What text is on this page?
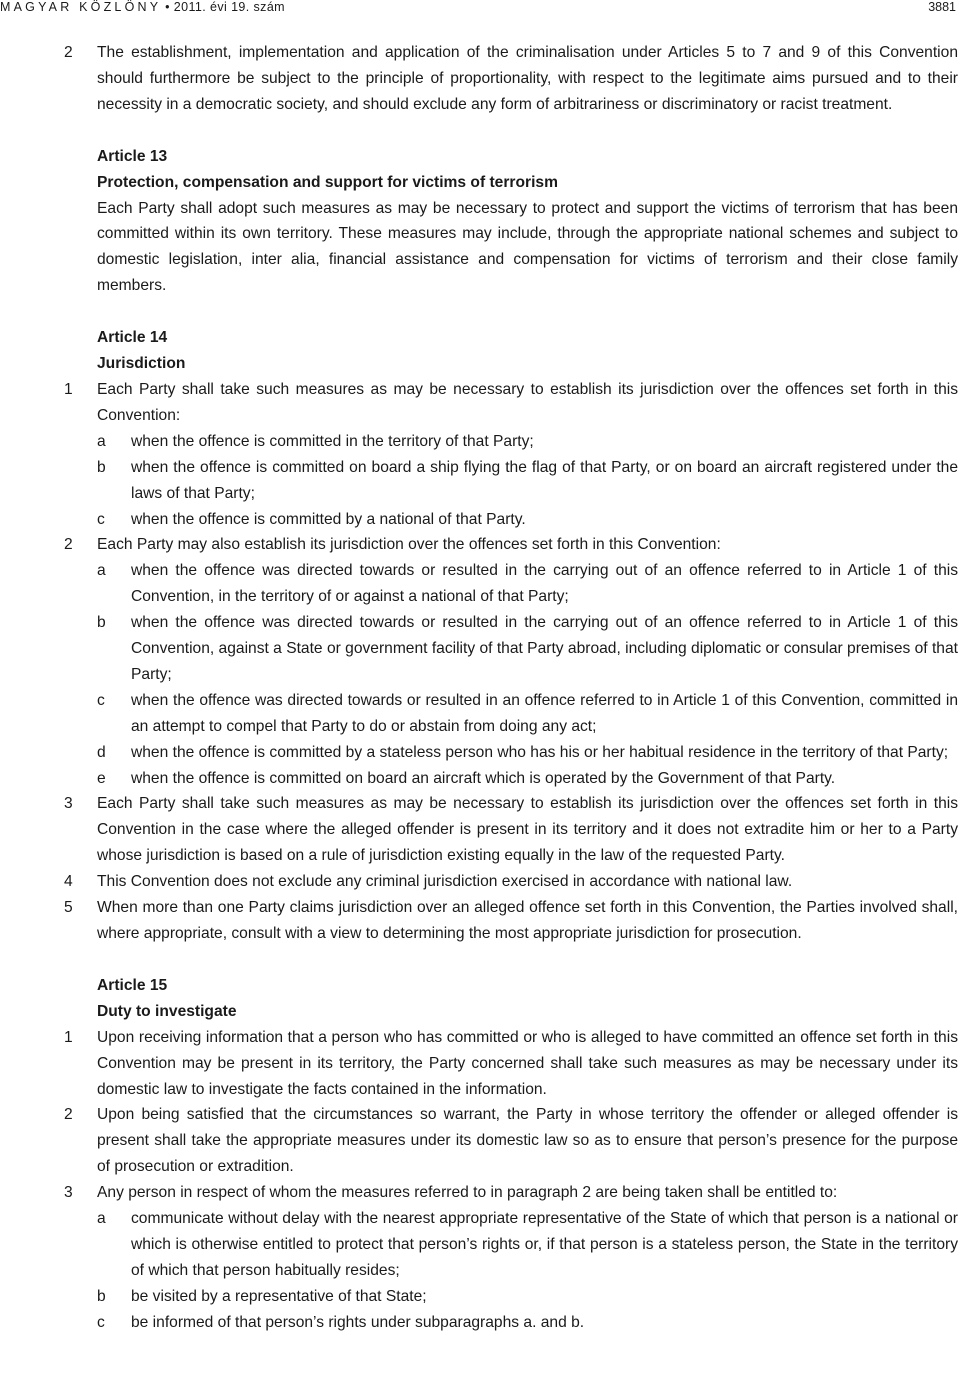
MAGYAR KÖZLÖNY • 2011. évi 19. szám	3881
2 The establishment, implementation and application of the criminalisation under Articles 5 to 7 and 9 of this Convention should furthermore be subject to the principle of proportionality, with respect to the legitimate aims pursued and to their necessity in a democratic society, and should exclude any form of arbitrariness or discriminatory or racist treatment.
Article 13
Protection, compensation and support for victims of terrorism
Each Party shall adopt such measures as may be necessary to protect and support the victims of terrorism that has been committed within its own territory. These measures may include, through the appropriate national schemes and subject to domestic legislation, inter alia, financial assistance and compensation for victims of terrorism and their close family members.
Article 14
Jurisdiction
1 Each Party shall take such measures as may be necessary to establish its jurisdiction over the offences set forth in this Convention:
a when the offence is committed in the territory of that Party;
b when the offence is committed on board a ship flying the flag of that Party, or on board an aircraft registered under the laws of that Party;
c when the offence is committed by a national of that Party.
2 Each Party may also establish its jurisdiction over the offences set forth in this Convention:
a when the offence was directed towards or resulted in the carrying out of an offence referred to in Article 1 of this Convention, in the territory of or against a national of that Party;
b when the offence was directed towards or resulted in the carrying out of an offence referred to in Article 1 of this Convention, against a State or government facility of that Party abroad, including diplomatic or consular premises of that Party;
c when the offence was directed towards or resulted in an offence referred to in Article 1 of this Convention, committed in an attempt to compel that Party to do or abstain from doing any act;
d when the offence is committed by a stateless person who has his or her habitual residence in the territory of that Party;
e when the offence is committed on board an aircraft which is operated by the Government of that Party.
3 Each Party shall take such measures as may be necessary to establish its jurisdiction over the offences set forth in this Convention in the case where the alleged offender is present in its territory and it does not extradite him or her to a Party whose jurisdiction is based on a rule of jurisdiction existing equally in the law of the requested Party.
4 This Convention does not exclude any criminal jurisdiction exercised in accordance with national law.
5 When more than one Party claims jurisdiction over an alleged offence set forth in this Convention, the Parties involved shall, where appropriate, consult with a view to determining the most appropriate jurisdiction for prosecution.
Article 15
Duty to investigate
1 Upon receiving information that a person who has committed or who is alleged to have committed an offence set forth in this Convention may be present in its territory, the Party concerned shall take such measures as may be necessary under its domestic law to investigate the facts contained in the information.
2 Upon being satisfied that the circumstances so warrant, the Party in whose territory the offender or alleged offender is present shall take the appropriate measures under its domestic law so as to ensure that person’s presence for the purpose of prosecution or extradition.
3 Any person in respect of whom the measures referred to in paragraph 2 are being taken shall be entitled to:
a communicate without delay with the nearest appropriate representative of the State of which that person is a national or which is otherwise entitled to protect that person’s rights or, if that person is a stateless person, the State in the territory of which that person habitually resides;
b be visited by a representative of that State;
c be informed of that person’s rights under subparagraphs a. and b.
